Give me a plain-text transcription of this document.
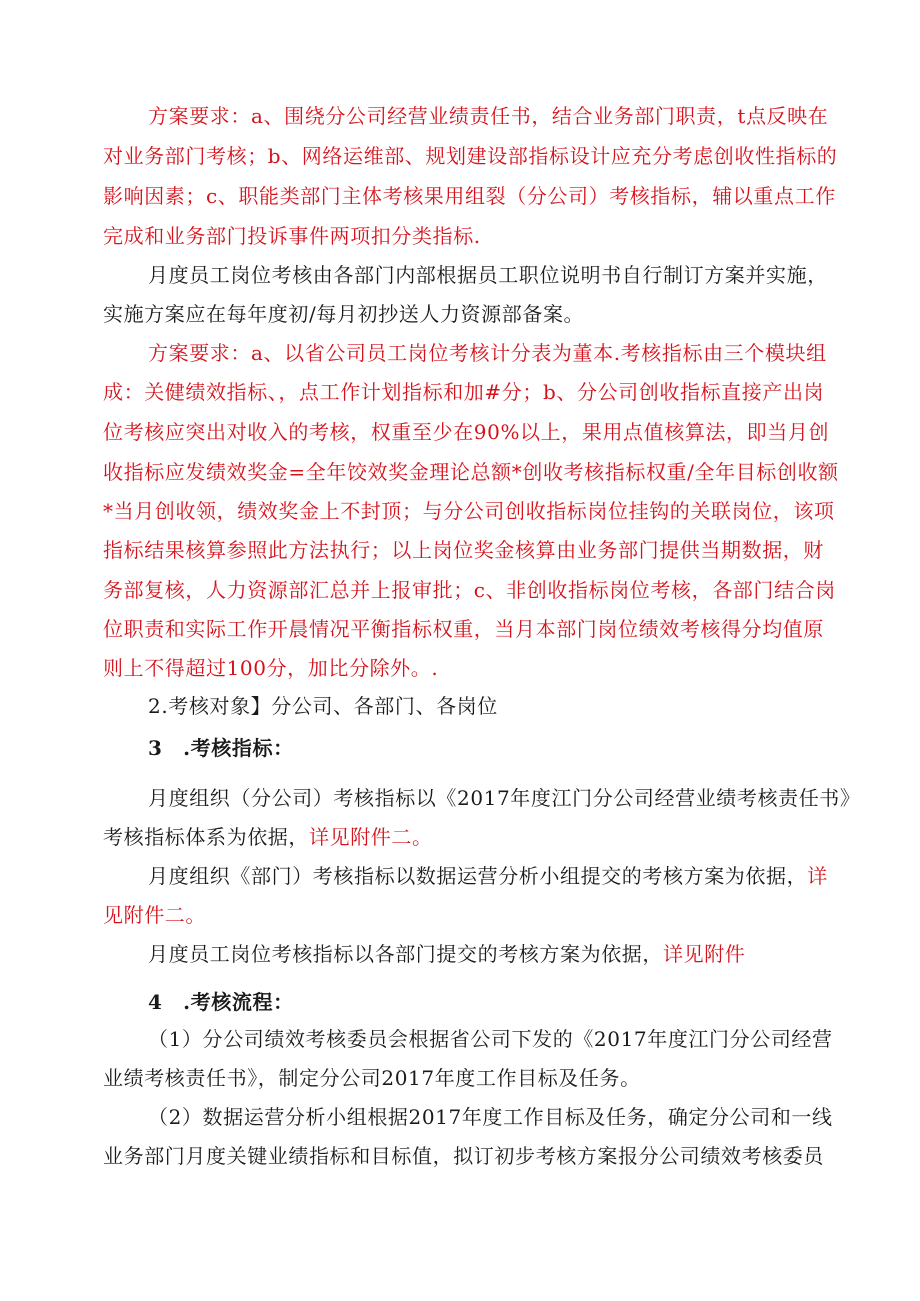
方案要求：a、围绕分公司经营业绩责任书，结合业务部门职责，t点反映在
对业务部门考核；b、网络运维部、规划建设部指标设计应充分考虑创收性指标的
影响因素；c、职能类部门主体考核果用组裂（分公司）考核指标，辅以重点工作
完成和业务部门投诉事件两项扣分类指标.
月度员工岗位考核由各部门内部根据员工职位说明书自行制订方案并实施，
实施方案应在每年度初/每月初抄送人力资源部备案。
方案要求：a、以省公司员工岗位考核计分表为董本.考核指标由三个模块组
成：关健绩效指标、，点工作计划指标和加#分；b、分公司创收指标直接产出岗
位考核应突出对收入的考核，权重至少在90%以上，果用点值核算法，即当月创
收指标应发绩效奖金=全年饺效奖金理论总额*创收考核指标权重/全年目标创收额
*当月创收领，绩效奖金上不封顶；与分公司创收指标岗位挂钩的关联岗位，该项
指标结果核算参照此方法执行；以上岗位奖金核算由业务部门提供当期数据，财
务部复核，人力资源部汇总并上报审批；c、非创收指标岗位考核，各部门结合岗
位职责和实际工作开晨情况平衡指标权重，当月本部门岗位绩效考核得分均值原
则上不得超过100分，加比分除外。.
2.考核对象】分公司、各部门、各岗位
3　.考核指标：
月度组织（分公司）考核指标以《2017年度江门分公司经营业绩考核责任书》
考核指标体系为依据，详见附件二。
月度组织《部门）考核指标以数据运营分析小组提交的考核方案为依据，详
见附件二。
月度员工岗位考核指标以各部门提交的考核方案为依据，详见附件
4　.考核流程：
（1）分公司绩效考核委员会根据省公司下发的《2017年度江门分公司经营
业绩考核责任书》，制定分公司2017年度工作目标及任务。
（2）数据运营分析小组根据2017年度工作目标及任务，确定分公司和一线
业务部门月度关键业绩指标和目标值，拟订初步考核方案报分公司绩效考核委员
